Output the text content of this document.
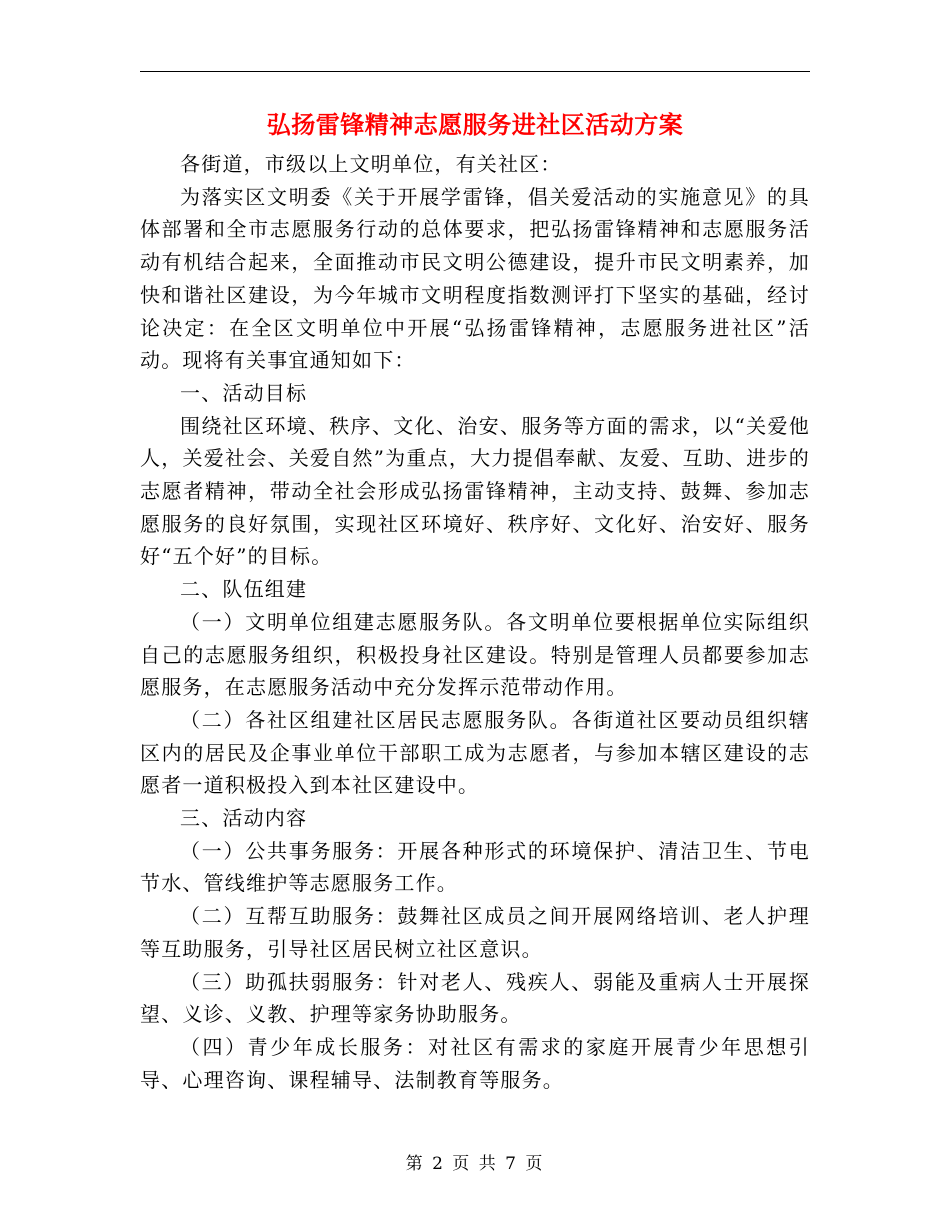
弘扬雷锋精神志愿服务进社区活动方案

各街道，市级以上文明单位，有关社区：

为落实区文明委《关于开展学雷锋，倡关爱活动的实施意见》的具体部署和全市志愿服务行动的总体要求，把弘扬雷锋精神和志愿服务活动有机结合起来，全面推动市民文明公德建设，提升市民文明素养，加快和谐社区建设，为今年城市文明程度指数测评打下坚实的基础，经讨论决定：在全区文明单位中开展“弘扬雷锋精神，志愿服务进社区”活动。现将有关事宜通知如下：

一、活动目标

围绕社区环境、秩序、文化、治安、服务等方面的需求，以“关爱他人，关爱社会、关爱自然”为重点，大力提倡奉献、友爱、互助、进步的志愿者精神，带动全社会形成弘扬雷锋精神，主动支持、鼓舞、参加志愿服务的良好氛围，实现社区环境好、秩序好、文化好、治安好、服务好“五个好”的目标。

二、队伍组建

（一）文明单位组建志愿服务队。各文明单位要根据单位实际组织自己的志愿服务组织，积极投身社区建设。特别是管理人员都要参加志愿服务，在志愿服务活动中充分发挥示范带动作用。

（二）各社区组建社区居民志愿服务队。各街道社区要动员组织辖区内的居民及企事业单位干部职工成为志愿者，与参加本辖区建设的志愿者一道积极投入到本社区建设中。

三、活动内容

（一）公共事务服务：开展各种形式的环境保护、清洁卫生、节电节水、管线维护等志愿服务工作。

（二）互帮互助服务：鼓舞社区成员之间开展网络培训、老人护理等互助服务，引导社区居民树立社区意识。

（三）助孤扶弱服务：针对老人、残疾人、弱能及重病人士开展探望、义诊、义教、护理等家务协助服务。

（四）青少年成长服务：对社区有需求的家庭开展青少年思想引导、心理咨询、课程辅导、法制教育等服务。

第 2 页 共 7 页
